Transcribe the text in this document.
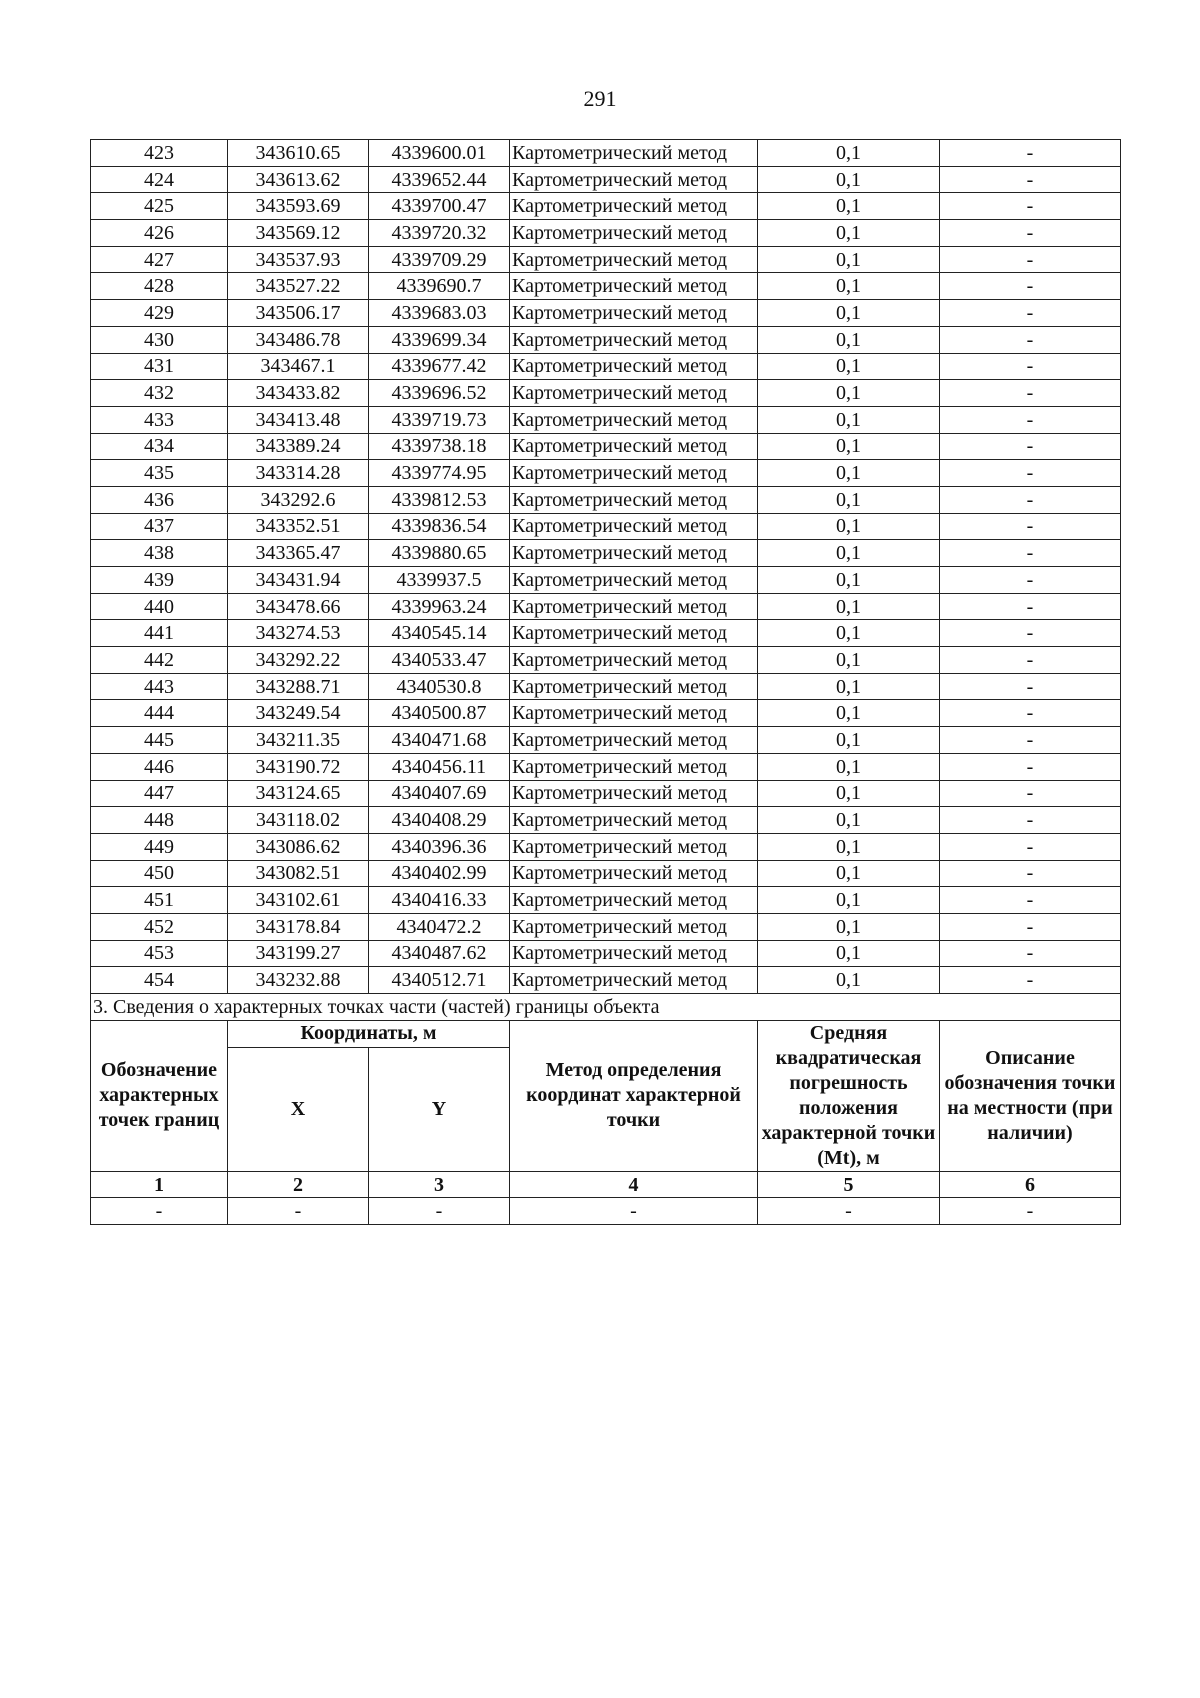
291
423	343610.65	4339600.01	Картометрический метод	0,1	-
424	343613.62	4339652.44	Картометрический метод	0,1	-
425	343593.69	4339700.47	Картометрический метод	0,1	-
426	343569.12	4339720.32	Картометрический метод	0,1	-
427	343537.93	4339709.29	Картометрический метод	0,1	-
428	343527.22	4339690.7	Картометрический метод	0,1	-
429	343506.17	4339683.03	Картометрический метод	0,1	-
430	343486.78	4339699.34	Картометрический метод	0,1	-
431	343467.1	4339677.42	Картометрический метод	0,1	-
432	343433.82	4339696.52	Картометрический метод	0,1	-
433	343413.48	4339719.73	Картометрический метод	0,1	-
434	343389.24	4339738.18	Картометрический метод	0,1	-
435	343314.28	4339774.95	Картометрический метод	0,1	-
436	343292.6	4339812.53	Картометрический метод	0,1	-
437	343352.51	4339836.54	Картометрический метод	0,1	-
438	343365.47	4339880.65	Картометрический метод	0,1	-
439	343431.94	4339937.5	Картометрический метод	0,1	-
440	343478.66	4339963.24	Картометрический метод	0,1	-
441	343274.53	4340545.14	Картометрический метод	0,1	-
442	343292.22	4340533.47	Картометрический метод	0,1	-
443	343288.71	4340530.8	Картометрический метод	0,1	-
444	343249.54	4340500.87	Картометрический метод	0,1	-
445	343211.35	4340471.68	Картометрический метод	0,1	-
446	343190.72	4340456.11	Картометрический метод	0,1	-
447	343124.65	4340407.69	Картометрический метод	0,1	-
448	343118.02	4340408.29	Картометрический метод	0,1	-
449	343086.62	4340396.36	Картометрический метод	0,1	-
450	343082.51	4340402.99	Картометрический метод	0,1	-
451	343102.61	4340416.33	Картометрический метод	0,1	-
452	343178.84	4340472.2	Картометрический метод	0,1	-
453	343199.27	4340487.62	Картометрический метод	0,1	-
454	343232.88	4340512.71	Картометрический метод	0,1	-
3. Сведения о характерных точках части (частей) границы объекта					
Обозначение характерных точек границ	Координаты, м		Метод определения координат характерной точки	Средняя квадратическая погрешность положения характерной точки (Mt), м	Описание обозначения точки на местности (при наличии)
	X	Y			
1	2	3	4	5	6
-	-	-	-	-	-
